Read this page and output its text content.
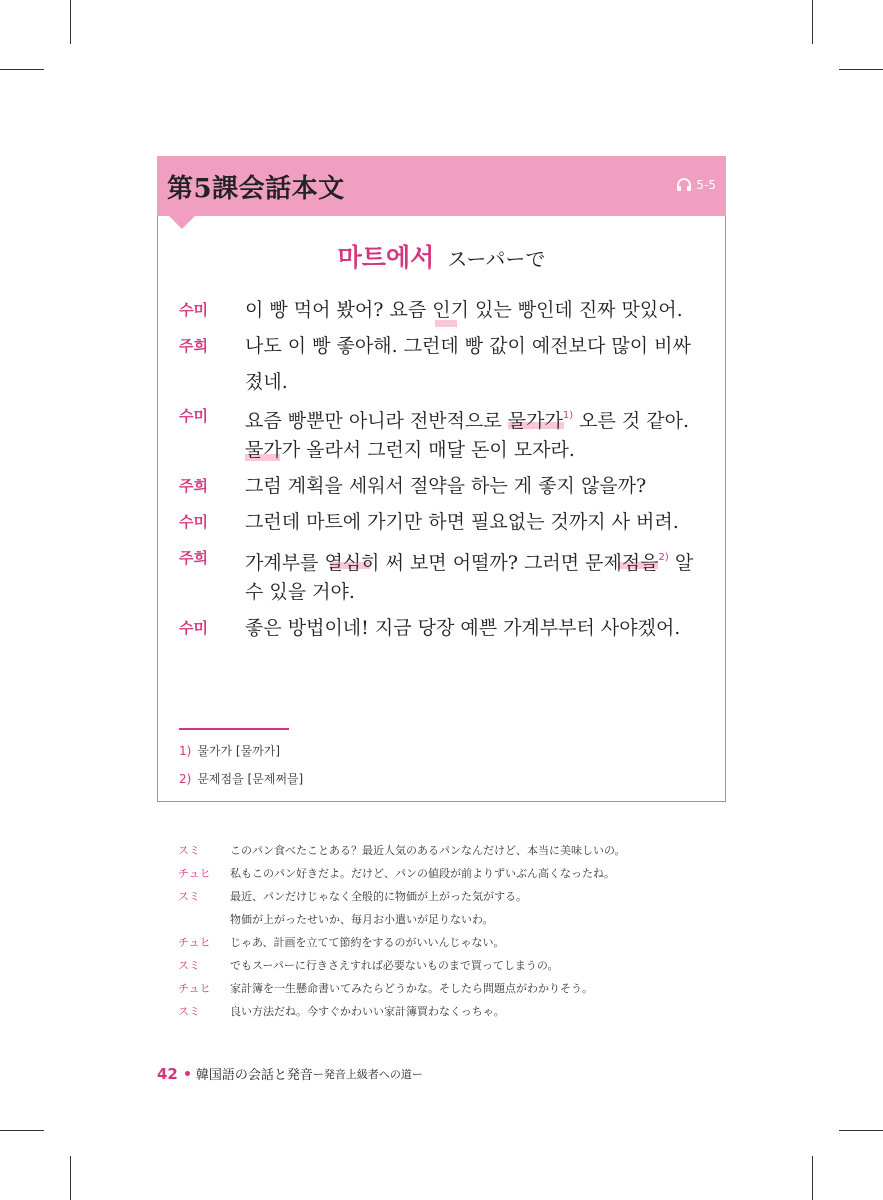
第5課会話本文	5-5
마트에서 スーパーで
수미 이 빵 먹어 봤어? 요즘 인기 있는 빵인데 진짜 맛있어.
주희 나도 이 빵 좋아해. 그런데 빵 값이 예전보다 많이 비싸
졌네.
수미 요즘 빵뿐만 아니라 전반적으로 물가가$^{1)}$ 오른 것 같아.
물가가 올라서 그런지 매달 돈이 모자라.
주희 그럼 계획을 세워서 절약을 하는 게 좋지 않을까?
수미 그런데 마트에 가기만 하면 필요없는 것까지 사 버려.
주희 가계부를 열심히 써 보면 어떨까? 그러면 문제점을$^{2)}$ 알
수 있을 거야.
수미 좋은 방법이네! 지금 당장 예쁜 가계부부터 사야겠어.
1) 물가가 [물까가]
2) 문제점을 [문제쩌믈]
スミ	このパン食べたことある？最近人気のあるパンなんだけど、本当に美味しいの。
チュヒ 私もこのパン好きだよ。だけど、パンの値段が前よりずいぶん高くなったね。
スミ	最近、パンだけじゃなく全般的に物価が上がった気がする。
物価が上がったせいか、毎月お小遣いが足りないわ。
チュヒ じゃあ、計画を立てて節約をするのがいいんじゃない。
スミ	でもスーパーに行きさえすれば必要ないものまで買ってしまうの。
チュヒ 家計簿を一生懸命書いてみたらどうかな。そしたら問題点がわかりそう。
スミ	良い方法だね。今すぐかわいい家計簿買わなくっちゃ。
42 韓国語の会話と発音 ー発音上級者への道ー
